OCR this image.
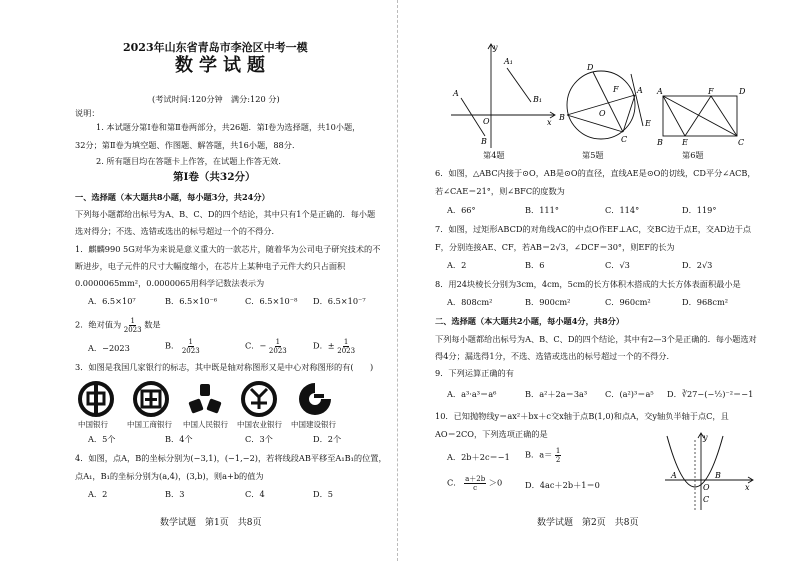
2023年山东省青岛市李沧区中考一模
数学试题
(考试时间:120分钟　满分:120 分)
说明：
1. 本试题分第Ⅰ卷和第Ⅱ卷两部分，共26题．第Ⅰ卷为选择题，共10小题，
32分；第Ⅱ卷为填空题、作图题、解答题，共16小题，88分．
2. 所有题目均在答题卡上作答，在试题上作答无效．
第Ⅰ卷（共32分）
一、选择题（本大题共8小题，每小题3分，共24分）
下列每小题都给出标号为A、B、C、D的四个结论，其中只有1个是正确的．每小题
选对得分；不选、选错或选出的标号超过一个的不得分．
1．麒麟990 5G对华为来说是意义重大的一款芯片，随着华为公司电子研究技术的不
断进步，电子元件的尺寸大幅度缩小，在芯片上某种电子元件大约只占面积
0.0000065mm²，0.0000065用科学记数法表示为
A．6.5×10⁷	B．6.5×10⁻⁶	C．6.5×10⁻⁸ D．6.5×10⁻⁷
2．绝对值为 $\frac{1}{2023}$ 数是
A．−2023	B． $\frac{1}{2023}$	C．− $\frac{1}{2023}$	D．± $\frac{1}{2023}$
3．如图是我国几家银行的标志，其中既是轴对称图形又是中心对称图形的有(　　)
中国银行	中国工商银行 中国人民银行 中国农业银行 中国建设银行
A．5个	B．4个	C．3个	D．2个
4．如图，点A，B的坐标分别为(−3,1)，(−1,−2)，若将线段AB平移至A₁B₁的位置，
点A₁，B₁的坐标分别为(a,4)，(3,b)，则a+b的值为
A．2	B．3	C．4	D．5
数学试题　第1页　共8页
y
A₁
A
B₁
O	x
B
D
F A
O
B
C
E
A	F	D
B E	C
第4题	第5题	第6题
6．如图，△ABC内接于⊙O，AB是⊙O的直径，直线AE是⊙O的切线，CD平分∠ACB，
若∠CAE＝21°，则∠BFC的度数为
A．66°	B．111°	C．114°	D．119°
7．如图，过矩形ABCD的对角线AC的中点O作EF⊥AC，交BC边于点E，交AD边于点
F，分别连接AE、CF，若AB＝2√3，∠DCF＝30°，则EF的长为
A．2	B．6	C．√3	D．2√3
8．用24块棱长分别为3cm，4cm，5cm的长方体积木搭成的大长方体表面积最小是
A．808cm²	B．900cm²	C．960cm²	D．968cm²
二、选择题（本大题共2小题，每小题4分，共8分）
下列每小题都给出标号为A、B、C、D的四个结论，其中有2—3个是正确的．每小题选对
得4分；漏选得1分，不选、选错或选出的标号超过一个的不得分．
9．下列运算正确的有
A．a³·a³＝a⁶	B．a²＋2a＝3a³ C．(a²)³＝a⁵ D．∛27−(−½)⁻²＝−1
10．已知抛物线y＝ax²＋bx＋c交x轴于点B(1,0)和点A，交y轴负半轴于点C，且
AO＝2CO，下列选项正确的是
A．2b＋2c＝−1 B．$a= \frac{1}{2}$
C． $\frac{a+2b}{c} >0$	D．4ac＋2b＋1＝0
y
A
O
B
x
C
数学试题　第2页　共8页
